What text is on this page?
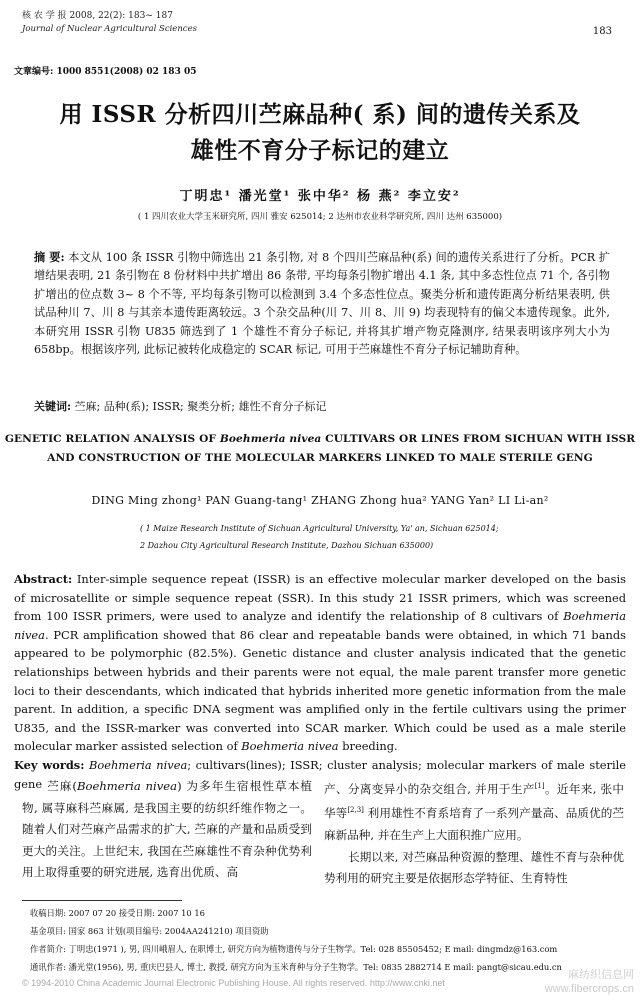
核 农 学 报 2008, 22(2): 183~ 187
Journal of Nuclear Agricultural Sciences	183
文章编号: 1000 8551(2008) 02 183 05
用 ISSR 分析四川苎麻品种( 系) 间的遗传关系及
雄性不育分子标记的建立
丁明忠¹ 潘光堂¹ 张中华² 杨 燕² 李立安²
( 1 四川农业大学玉米研究所, 四川 雅安 625014; 2 达州市农业科学研究所, 四川 达州 635000)
摘 要: 本文从 100 条 ISSR 引物中筛选出 21 条引物, 对 8 个四川苎麻品种(系) 间的遗传关系进行了分析。PCR 扩增结果表明, 21 条引物在 8 份材料中共扩增出 86 条带, 平均每条引物扩增出 4.1 条, 其中多态性位点 71 个, 各引物扩增出的位点数 3~ 8 个不等, 平均每条引物可以检测到 3.4 个多态性位点。聚类分析和遗传距离分析结果表明, 供试品种川 7、川 8 与其亲本遗传距离较远。3 个杂交品种(川 7、川 8、川 9) 均表现特有的偏父本遗传现象。此外, 本研究用 ISSR 引物 U835 筛选到了 1 个雄性不育分子标记, 并将其扩增产物克隆测序, 结果表明该序列大小为 658bp。根据该序列, 此标记被转化成稳定的 SCAR 标记, 可用于苎麻雄性不育分子标记辅助育种。
关键词: 苎麻; 品种(系); ISSR; 聚类分析; 雄性不育分子标记
GENETIC RELATION ANALYSIS OF Boehmeria nivea CULTIVARS OR LINES FROM SICHUAN WITH ISSR
AND CONSTRUCTION OF THE MOLECULAR MARKERS LINKED TO MALE STERILE GENG
DING Ming zhong¹ PAN Guang-tang¹ ZHANG Zhong hua² YANG Yan² LI Li-an²
( 1 Maize Research Institute of Sichuan Agricultural University, Ya' an, Sichuan 625014;
2 Dazhou City Agricultural Research Institute, Dazhou Sichuan 635000)
Abstract: Inter-simple sequence repeat (ISSR) is an effective molecular marker developed on the basis of microsatellite or simple sequence repeat (SSR). In this study 21 ISSR primers, which was screened from 100 ISSR primers, were used to analyze and identify the relationship of 8 cultivars of Boehmeria nivea. PCR amplification showed that 86 clear and repeatable bands were obtained, in which 71 bands appeared to be polymorphic (82.5%). Genetic distance and cluster analysis indicated that the genetic relationships between hybrids and their parents were not equal, the male parent transfer more genetic loci to their descendants, which indicated that hybrids inherited more genetic information from the male parent. In addition, a specific DNA segment was amplified only in the fertile cultivars using the primer U835, and the ISSR-marker was converted into SCAR marker. Which could be used as a male sterile molecular marker assisted selection of Boehmeria nivea breeding.
Key words: Boehmeria nivea; cultivars(lines); ISSR; cluster analysis; molecular markers of male sterile gene 苎麻(Boehmeria nivea) 为多年生宿根性草本植物, 属荨麻科苎麻属, 是我国主要的纺织纤维作物之一。随着人们对苎麻产品需求的扩大, 苎麻的产量和品质受到更大的关注。上世纪末, 我国在苎麻雄性不育杂种优势利用上取得重要的研究进展, 选育出优质、高
产、分离变异小的杂交组合, 并用于生产[1]。近年来, 张中华等[2,3] 利用雄性不育系培育了一系列产量高、品质优的苎麻新品种, 并在生产上大面积推广应用。
长期以来, 对苎麻品种资源的整理、雄性不育与杂种优势利用的研究主要是依据形态学特征、生育特性
收稿日期: 2007 07 20 接受日期: 2007 10 16
基金项目: 国家 863 计划(项目编号: 2004AA241210) 项目资助
作者简介: 丁明忠(1971 ), 男, 四川峨眉人, 在职博士, 研究方向为植物遗传与分子生物学。Tel: 028 85505452; E mail: dingmdz@163.com
通讯作者: 潘光堂(1956), 男, 重庆巴县人, 博士, 教授, 研究方向为玉米育种与分子生物学。Tel: 0835 2882714 E mail: pangt@sicau.edu.cn
© 1994-2010 China Academic Journal Electronic Publishing House. All rights reserved. http://www.cnki.net
麻纺织信息网
www.fibercrops.cn
